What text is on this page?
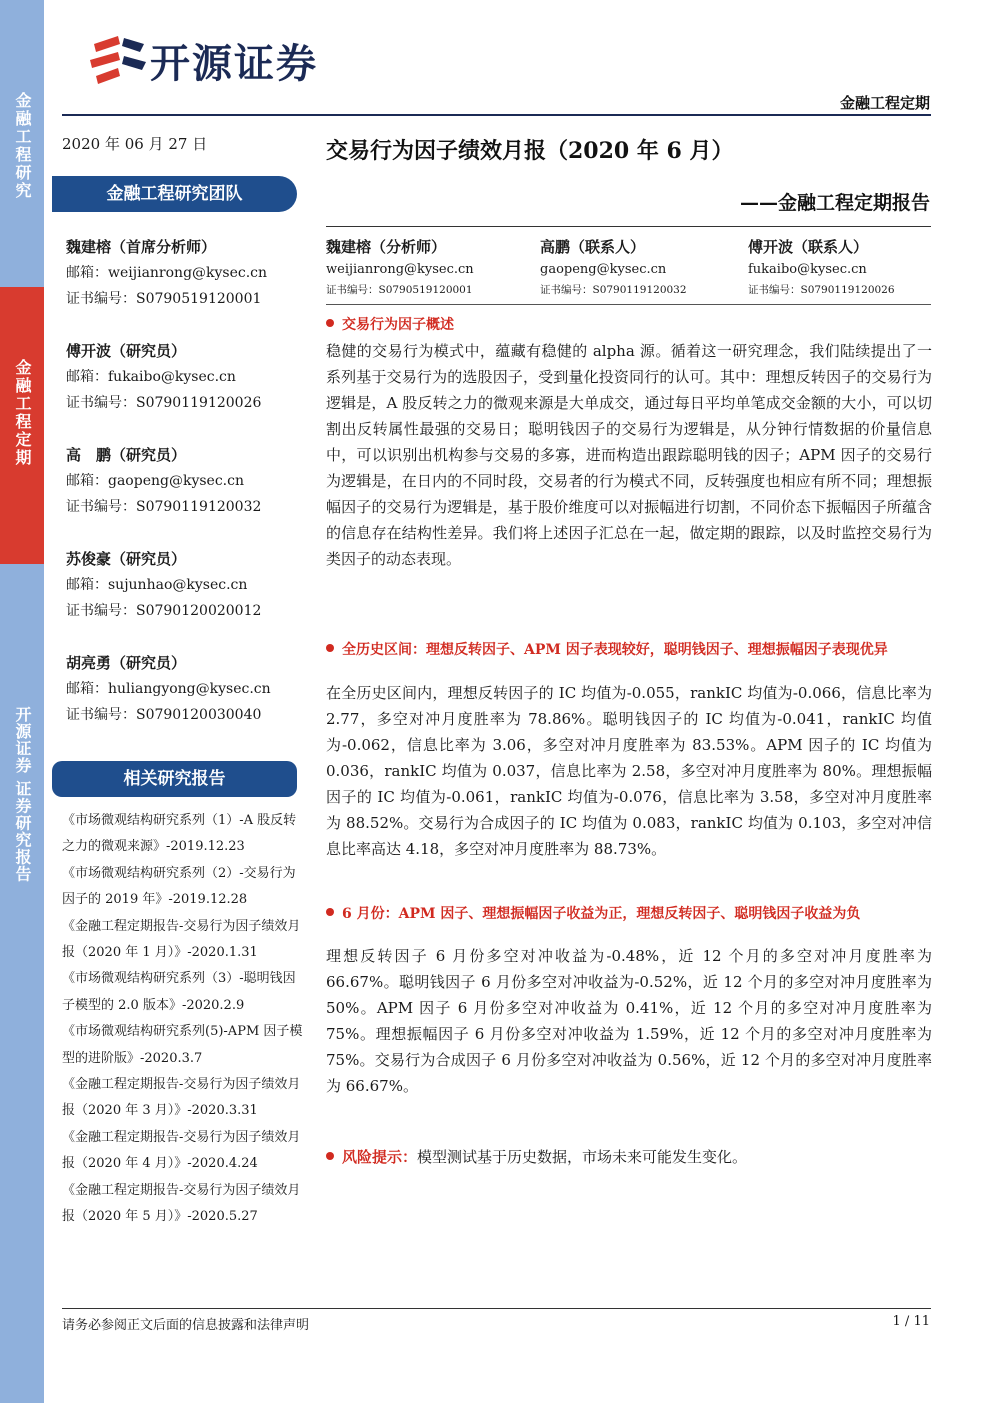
金融工程研究
金融工程定期
开源证券 证券研究报告
开源证券
金融工程定期
2020 年 06 月 27 日	交易行为因子绩效月报（2020 年 6 月）
——金融工程定期报告
金融工程研究团队
魏建榕（首席分析师）
邮箱：weijianrong@kysec.cn
证书编号：S0790519120001
傅开波（研究员）
邮箱：fukaibo@kysec.cn
证书编号：S0790119120026
高　鹏（研究员）
邮箱：gaopeng@kysec.cn
证书编号：S0790119120032
苏俊豪（研究员）
邮箱：sujunhao@kysec.cn
证书编号：S0790120020012
胡亮勇（研究员）
邮箱：huliangyong@kysec.cn
证书编号：S0790120030040
相关研究报告
《市场微观结构研究系列（1）-A 股反转之力的微观来源》-2019.12.23
《市场微观结构研究系列（2）-交易行为因子的 2019 年》-2019.12.28
《金融工程定期报告-交易行为因子绩效月报（2020 年 1 月）》-2020.1.31
《市场微观结构研究系列（3）-聪明钱因子模型的 2.0 版本》-2020.2.9
《市场微观结构研究系列(5)-APM 因子模型的进阶版》-2020.3.7
《金融工程定期报告-交易行为因子绩效月报（2020 年 3 月）》-2020.3.31
《金融工程定期报告-交易行为因子绩效月报（2020 年 4 月）》-2020.4.24
《金融工程定期报告-交易行为因子绩效月报（2020 年 5 月）》-2020.5.27
魏建榕（分析师）
weijianrong@kysec.cn
证书编号：S0790519120001
高鹏（联系人）
gaopeng@kysec.cn
证书编号：S0790119120032
傅开波（联系人）
fukaibo@kysec.cn
证书编号：S0790119120026
交易行为因子概述
稳健的交易行为模式中，蕴藏有稳健的 alpha 源。循着这一研究理念，我们陆续提出了一系列基于交易行为的选股因子，受到量化投资同行的认可。其中：理想反转因子的交易行为逻辑是，A 股反转之力的微观来源是大单成交，通过每日平均单笔成交金额的大小，可以切割出反转属性最强的交易日；聪明钱因子的交易行为逻辑是，从分钟行情数据的价量信息中，可以识别出机构参与交易的多寡，进而构造出跟踪聪明钱的因子；APM 因子的交易行为逻辑是，在日内的不同时段，交易者的行为模式不同，反转强度也相应有所不同；理想振幅因子的交易行为逻辑是，基于股价维度可以对振幅进行切割，不同价态下振幅因子所蕴含的信息存在结构性差异。我们将上述因子汇总在一起，做定期的跟踪，以及时监控交易行为类因子的动态表现。
全历史区间：理想反转因子、APM 因子表现较好，聪明钱因子、理想振幅因子表现优异
在全历史区间内，理想反转因子的 IC 均值为-0.055，rankIC 均值为-0.066，信息比率为 2.77，多空对冲月度胜率为 78.86%。聪明钱因子的 IC 均值为-0.041，rankIC 均值为-0.062，信息比率为 3.06，多空对冲月度胜率为 83.53%。APM 因子的 IC 均值为 0.036，rankIC 均值为 0.037，信息比率为 2.58，多空对冲月度胜率为 80%。理想振幅因子的 IC 均值为-0.061，rankIC 均值为-0.076，信息比率为 3.58，多空对冲月度胜率为 88.52%。交易行为合成因子的 IC 均值为 0.083，rankIC 均值为 0.103，多空对冲信息比率高达 4.18，多空对冲月度胜率为 88.73%。
6 月份：APM 因子、理想振幅因子收益为正，理想反转因子、聪明钱因子收益为负
理想反转因子 6 月份多空对冲收益为-0.48%，近 12 个月的多空对冲月度胜率为 66.67%。聪明钱因子 6 月份多空对冲收益为-0.52%，近 12 个月的多空对冲月度胜率为 50%。APM 因子 6 月份多空对冲收益为 0.41%，近 12 个月的多空对冲月度胜率为 75%。理想振幅因子 6 月份多空对冲收益为 1.59%，近 12 个月的多空对冲月度胜率为 75%。交易行为合成因子 6 月份多空对冲收益为 0.56%，近 12 个月的多空对冲月度胜率为 66.67%。
风险提示：模型测试基于历史数据，市场未来可能发生变化。
请务必参阅正文后面的信息披露和法律声明	1 / 11
